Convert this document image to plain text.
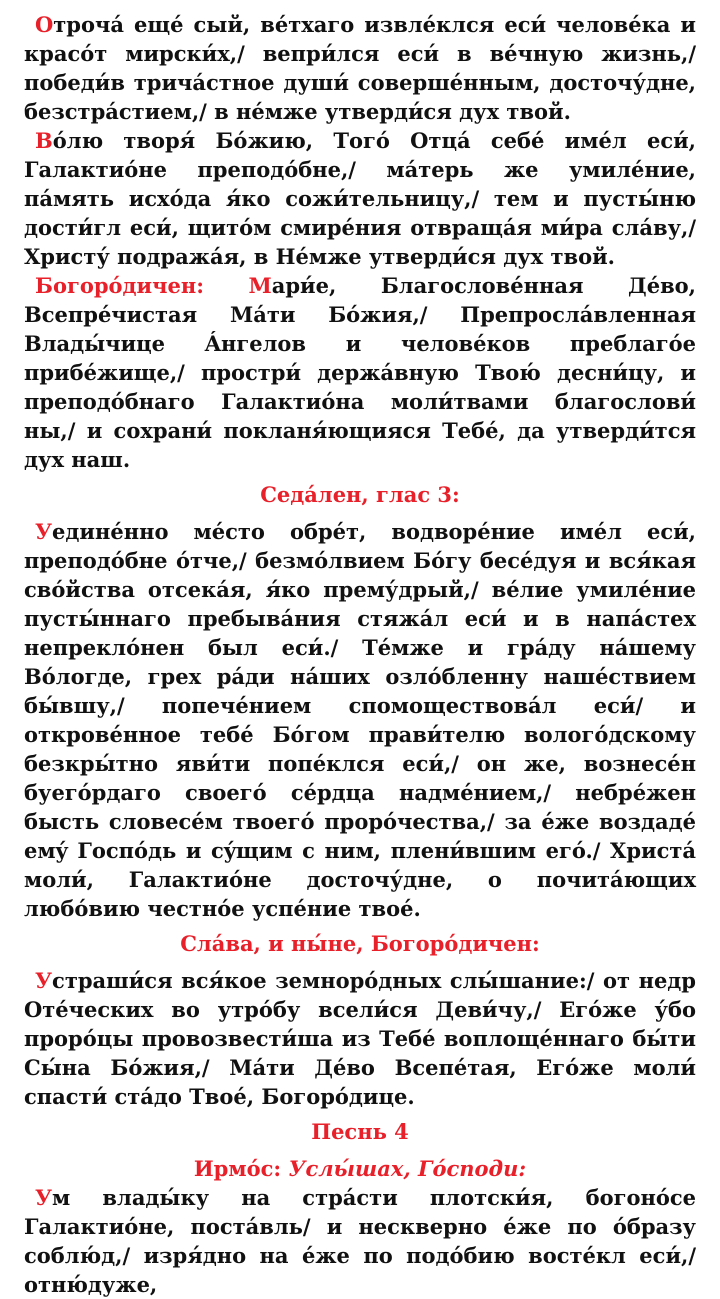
Отрочá ещé сый, вéтхаго извлéклся еси́ человéка и красóт мирски́х,/ вепри́лся еси́ в вéчную жизнь,/ победи́в тричáстное души́ совершéнным, досточу́дне, безстрáстием,/ в нéмже утверди́ся дух твой.

Вóлю творя́ Бóжию, Тогó Отцá себé имéл еси́, Галактиóне преподóбне,/ мáтерь же умилéние, пáмять исхóда я́ко сожи́тельницу,/ тем и пусты́ню дости́гл еси́, щитóм смирéния отвращáя ми́ра слáву,/ Христу́ подражáя, в Нéмже утверди́ся дух твой.

Богорóдичен: Мари́е, Благословéнная Дéво, Всепрéчистая Мáти Бóжия,/ Препрослáвленная Влады́чице Áнгелов и человéков преблагóе прибéжище,/ простри́ держáвную Твою́ десни́цу, и преподóбнаго Галактиóна моли́твами благослови́ ны,/ и сохрани́ покланя́ющияся Тебé, да утверди́тся дух наш.

Седáлен, глас 3:

Уединéнно мéсто обрéт, водворéние имéл еси́, преподóбне óтче,/ безмóлвием Бóгу бесéдуя и вся́кая свóйства отсекáя, я́ко прему́дрый,/ вéлие умилéние пусты́ннаго пребывáния стяжáл еси́ и в напáстех непреклóнен был еси́./ Тéмже и грáду нáшему Вóлогде, грех рáди нáших озлóбленну нашéствием бы́вшу,/ попечéнием спомоществовáл еси́/ и откровéнное тебé Бóгом прави́телю вологóдскому безкры́тно яви́ти попéклся еси́,/ он же, вознесéн буегóрдаго своегó сéрдца надмéнием,/ небрéжен бысть словесéм твоегó прорóчества,/ за éже воздадé емý Госпóдь и сýщим с ним, плени́вшим егó./ Христá моли́, Галактиóне досточу́дне, о почитáющих любóвию честнóе успéние твоé.

Слáва, и ны́не, Богорóдичен:

Устраши́ся вся́кое земнорóдных слы́шание:/ от недр Отéческих во утрóбу всели́ся Деви́чу,/ Егóже у́бо прорóцы провозвести́ша из Тебé воплощéннаго бы́ти Сы́на Бóжия,/ Мáти Дéво Всепéтая, Егóже моли́ спасти́ стáдо Твоé, Богорóдице.

Песнь 4
Ирмóс: Услы́шах, Гóсподи:

Ум влады́ку на стрáсти плотски́я, богонóсе Галактиóне, постáвль/ и нескверно éже по óбразу соблю́д,/ изря́дно на éже по подóбию востéкл еси́,/ отню́дуже,
